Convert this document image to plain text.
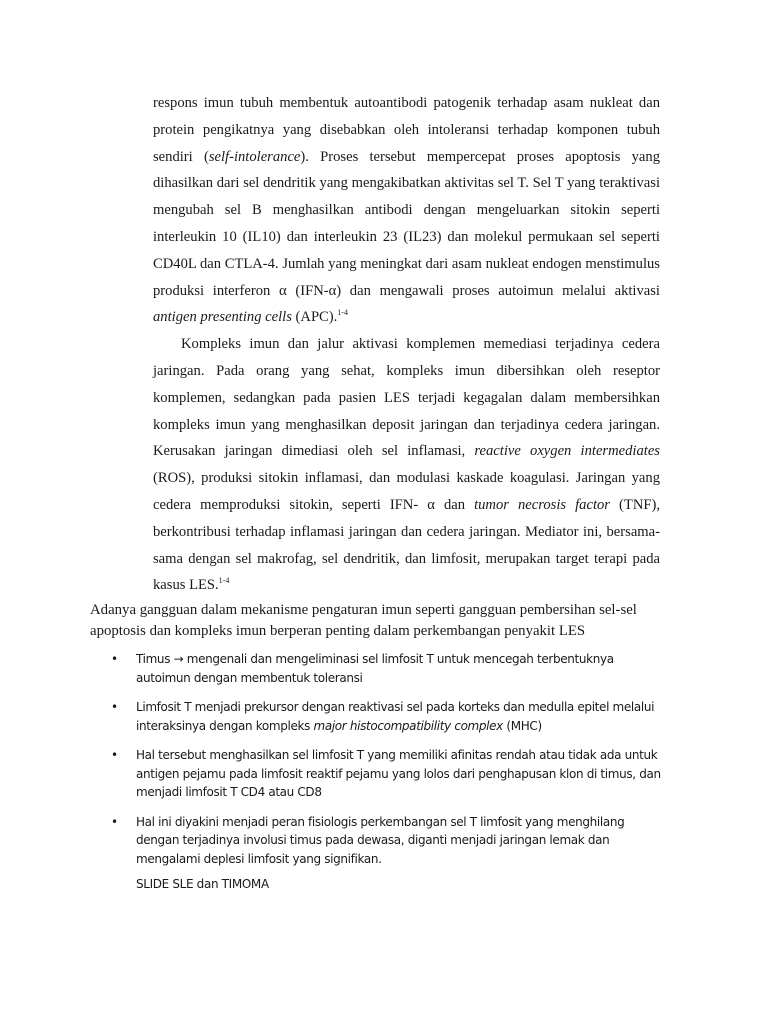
respons imun tubuh membentuk autoantibodi patogenik terhadap asam nukleat dan protein pengikatnya yang disebabkan oleh intoleransi terhadap komponen tubuh sendiri (self-intolerance). Proses tersebut mempercepat proses apoptosis yang dihasilkan dari sel dendritik yang mengakibatkan aktivitas sel T. Sel T yang teraktivasi mengubah sel B menghasilkan antibodi dengan mengeluarkan sitokin seperti interleukin 10 (IL10) dan interleukin 23 (IL23) dan molekul permukaan sel seperti CD40L dan CTLA-4. Jumlah yang meningkat dari asam nukleat endogen menstimulus produksi interferon α (IFN-α) dan mengawali proses autoimun melalui aktivasi antigen presenting cells (APC).$^{1-4}$

Kompleks imun dan jalur aktivasi komplemen memediasi terjadinya cedera jaringan. Pada orang yang sehat, kompleks imun dibersihkan oleh reseptor komplemen, sedangkan pada pasien LES terjadi kegagalan dalam membersihkan kompleks imun yang menghasilkan deposit jaringan dan terjadinya cedera jaringan. Kerusakan jaringan dimediasi oleh sel inflamasi, reactive oxygen intermediates (ROS), produksi sitokin inflamasi, dan modulasi kaskade koagulasi. Jaringan yang cedera memproduksi sitokin, seperti IFN- α dan tumor necrosis factor (TNF), berkontribusi terhadap inflamasi jaringan dan cedera jaringan. Mediator ini, bersama-sama dengan sel makrofag, sel dendritik, dan limfosit, merupakan target terapi pada kasus LES.$^{1-4}$

Adanya gangguan dalam mekanisme pengaturan imun seperti gangguan pembersihan sel-sel apoptosis dan kompleks imun berperan penting dalam perkembangan penyakit LES

• Timus → mengenali dan mengeliminasi sel limfosit T untuk mencegah terbentuknya autoimun dengan membentuk toleransi
• Limfosit T menjadi prekursor dengan reaktivasi sel pada korteks dan medulla epitel melalui interaksinya dengan kompleks major histocompatibility complex (MHC)
• Hal tersebut menghasilkan sel limfosit T yang memiliki afinitas rendah atau tidak ada untuk antigen pejamu pada limfosit reaktif pejamu yang lolos dari penghapusan klon di timus, dan menjadi limfosit T CD4 atau CD8
• Hal ini diyakini menjadi peran fisiologis perkembangan sel T limfosit yang menghilang dengan terjadinya involusi timus pada dewasa, diganti menjadi jaringan lemak dan mengalami deplesi limfosit yang signifikan.
SLIDE SLE dan TIMOMA
